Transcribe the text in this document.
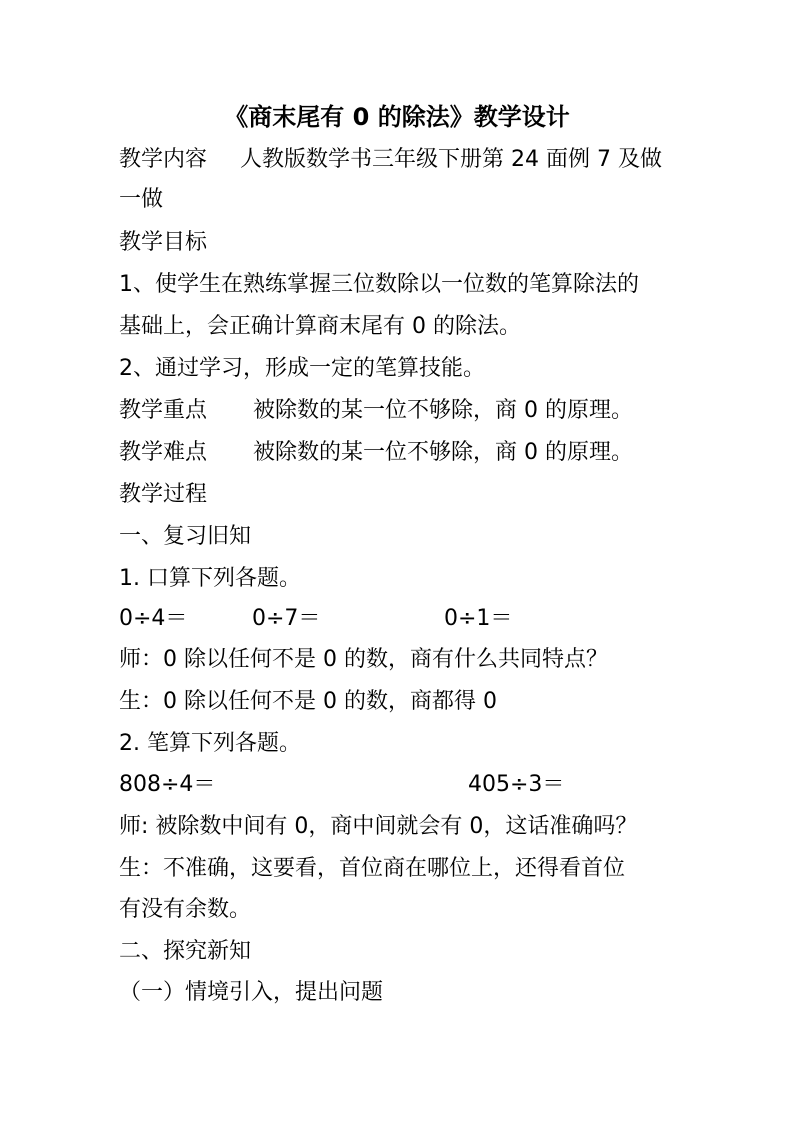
《商末尾有 0 的除法》教学设计
教学内容 人教版数学书三年级下册第 24 面例 7 及做
一做
教学目标
1、使学生在熟练掌握三位数除以一位数的笔算除法的
基础上，会正确计算商末尾有 0 的除法。
2、通过学习，形成一定的笔算技能。
教学重点 被除数的某一位不够除，商 0 的原理。
教学难点 被除数的某一位不够除，商 0 的原理。
教学过程
一、复习旧知
1. 口算下列各题。
0÷4＝	0÷7＝	0÷1＝
师：0 除以任何不是 0 的数，商有什么共同特点？
生：0 除以任何不是 0 的数，商都得 0
2. 笔算下列各题。
808÷4＝	405÷3＝
师: 被除数中间有 0，商中间就会有 0，这话准确吗？
生：不准确，这要看，首位商在哪位上，还得看首位
有没有余数。
二、探究新知
（一）情境引入，提出问题
